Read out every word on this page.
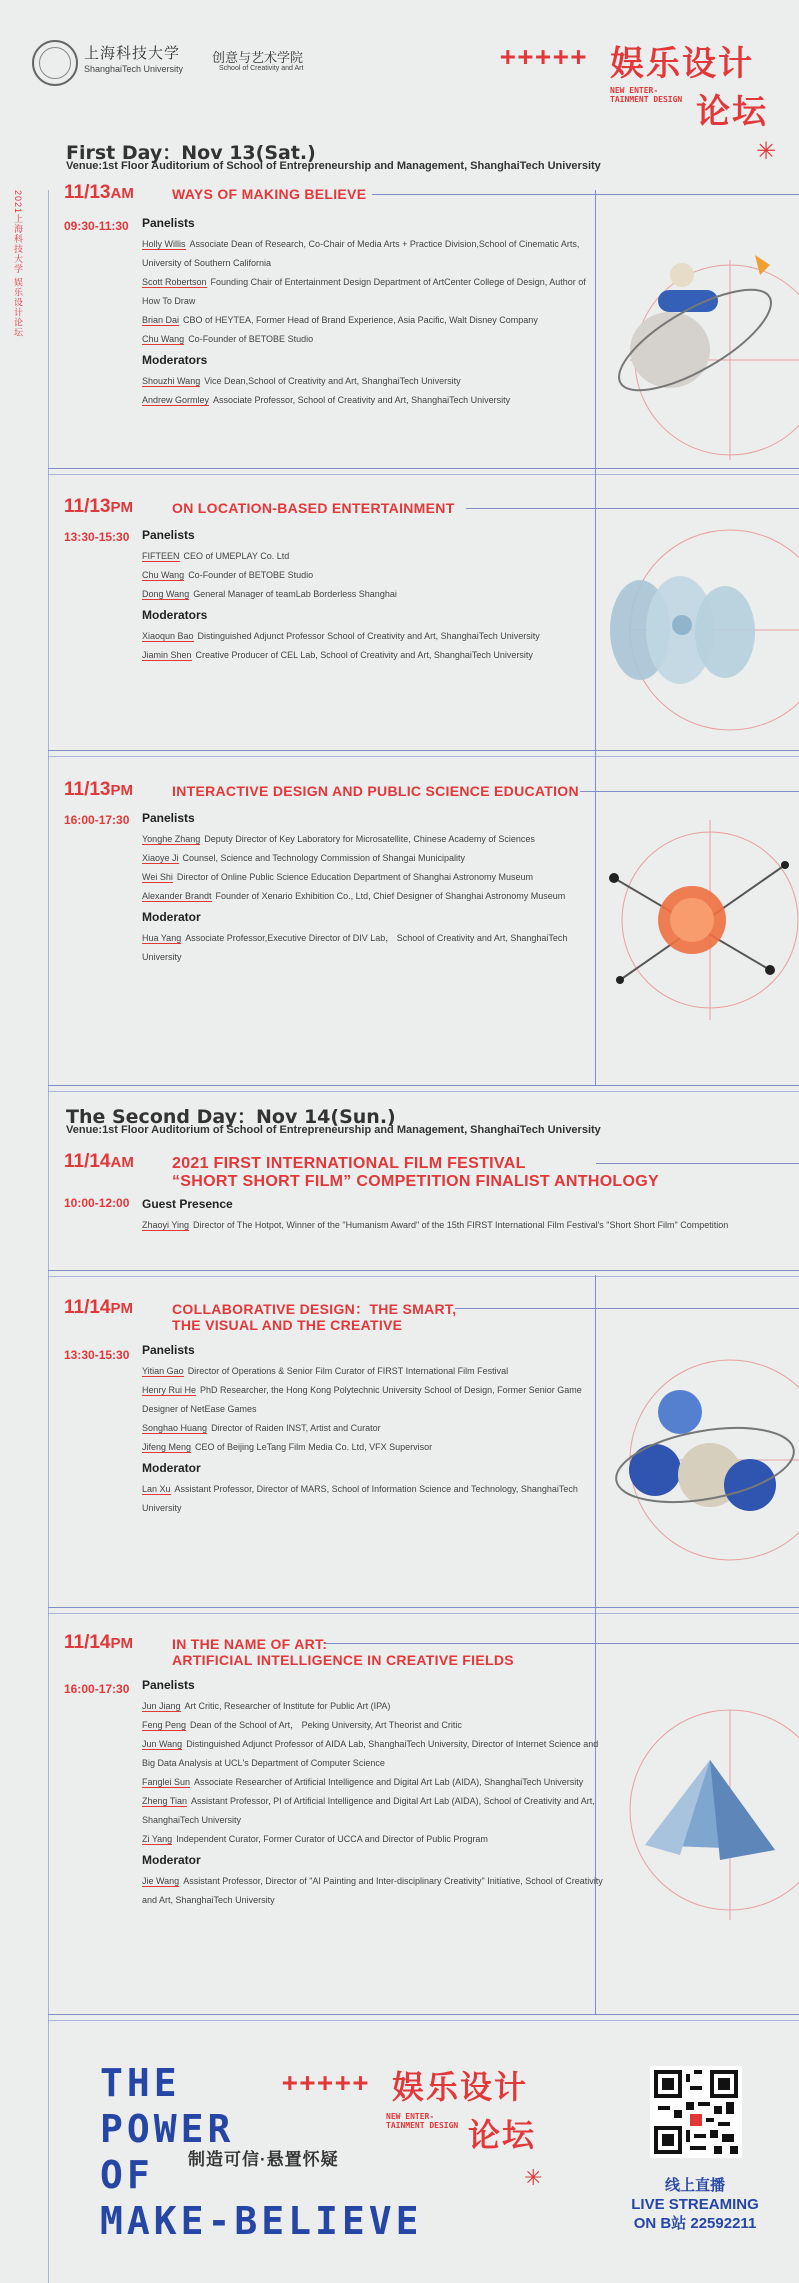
上海科技大学
ShanghaiTech University
创意与艺术学院
School of Creativity and Art	+++++ 娱乐设计
NEW ENTER- TAINMENT DESIGN 论坛
✳
2021上海科技大学 娱乐设计论坛
First Day：Nov 13(Sat.)
Venue:1st Floor Auditorium of School of Entrepreneurship and Management, ShanghaiTech University
11/13AM	WAYS OF MAKING BELIEVE
09:30-11:30 Panelists
Holly Willis Associate Dean of Research, Co-Chair of Media Arts + Practice Division,School of Cinematic Arts, University of Southern California
Scott Robertson Founding Chair of Entertainment Design Department of ArtCenter College of Design, Author of How To Draw
Brian Dai CBO of HEYTEA, Former Head of Brand Experience, Asia Pacific, Walt Disney Company
Chu Wang Co-Founder of BETOBE Studio
Moderators
Shouzhi Wang Vice Dean,School of Creativity and Art, ShanghaiTech University
Andrew Gormley Associate Professor, School of Creativity and Art, ShanghaiTech University
11/13PM	ON LOCATION-BASED ENTERTAINMENT
13:30-15:30 Panelists
FIFTEEN CEO of UMEPLAY Co. Ltd
Chu Wang Co-Founder of BETOBE Studio
Dong Wang General Manager of teamLab Borderless Shanghai
Moderators
Xiaoqun Bao Distinguished Adjunct Professor School of Creativity and Art, ShanghaiTech University
Jiamin Shen Creative Producer of CEL Lab, School of Creativity and Art, ShanghaiTech University
11/13PM	INTERACTIVE DESIGN AND PUBLIC SCIENCE EDUCATION
16:00-17:30 Panelists
Yonghe Zhang Deputy Director of Key Laboratory for Microsatellite, Chinese Academy of Sciences
Xiaoye Ji Counsel, Science and Technology Commission of Shangai Municipality
Wei Shi Director of Online Public Science Education Department of Shanghai Astronomy Museum
Alexander Brandt Founder of Xenario Exhibition Co., Ltd, Chief Designer of Shanghai Astronomy Museum
Moderator
Hua Yang Associate Professor,Executive Director of DIV Lab， School of Creativity and Art, ShanghaiTech University
The Second Day：Nov 14(Sun.)
Venue:1st Floor Auditorium of School of Entrepreneurship and Management, ShanghaiTech University
11/14AM	2021 FIRST INTERNATIONAL FILM FESTIVAL
“SHORT SHORT FILM” COMPETITION FINALIST ANTHOLOGY
10:00-12:00 Guest Presence
Zhaoyi Ying Director of The Hotpot, Winner of the "Humanism Award" of the 15th FIRST International Film Festival's "Short Short Film" Competition
11/14PM	COLLABORATIVE DESIGN：THE SMART,
THE VISUAL AND THE CREATIVE
13:30-15:30 Panelists
Yitian Gao Director of Operations & Senior Film Curator of FIRST International Film Festival
Henry Rui He PhD Researcher, the Hong Kong Polytechnic University School of Design, Former Senior Game Designer of NetEase Games
Songhao Huang Director of Raiden INST, Artist and Curator
Jifeng Meng CEO of Beijing LeTang Film Media Co. Ltd, VFX Supervisor
Moderator
Lan Xu Assistant Professor, Director of MARS, School of Information Science and Technology, ShanghaiTech University
11/14PM	IN THE NAME OF ART:
ARTIFICIAL INTELLIGENCE IN CREATIVE FIELDS
16:00-17:30 Panelists
Jun Jiang Art Critic, Researcher of Institute for Public Art (IPA)
Feng Peng Dean of the School of Art， Peking University, Art Theorist and Critic
Jun Wang Distinguished Adjunct Professor of AIDA Lab, ShanghaiTech University, Director of Internet Science and Big Data Analysis at UCL's Department of Computer Science
Fanglei Sun Associate Researcher of Artificial Intelligence and Digital Art Lab (AIDA), ShanghaiTech University
Zheng Tian Assistant Professor, PI of Artificial Intelligence and Digital Art Lab (AIDA), School of Creativity and Art, ShanghaiTech University
Zi Yang Independent Curator, Former Curator of UCCA and Director of Public Program
Moderator
Jie Wang Assistant Professor, Director of "AI Painting and Inter-disciplinary Creativity" Initiative, School of Creativity and Art, ShanghaiTech University
THE
POWER
OF
MAKE-BELIEVE
制造可信·悬置怀疑
+++++ 娱乐设计
NEW ENTER- TAINMENT DESIGN 论坛
✳	线上直播
LIVE STREAMING
ON B站 22592211
